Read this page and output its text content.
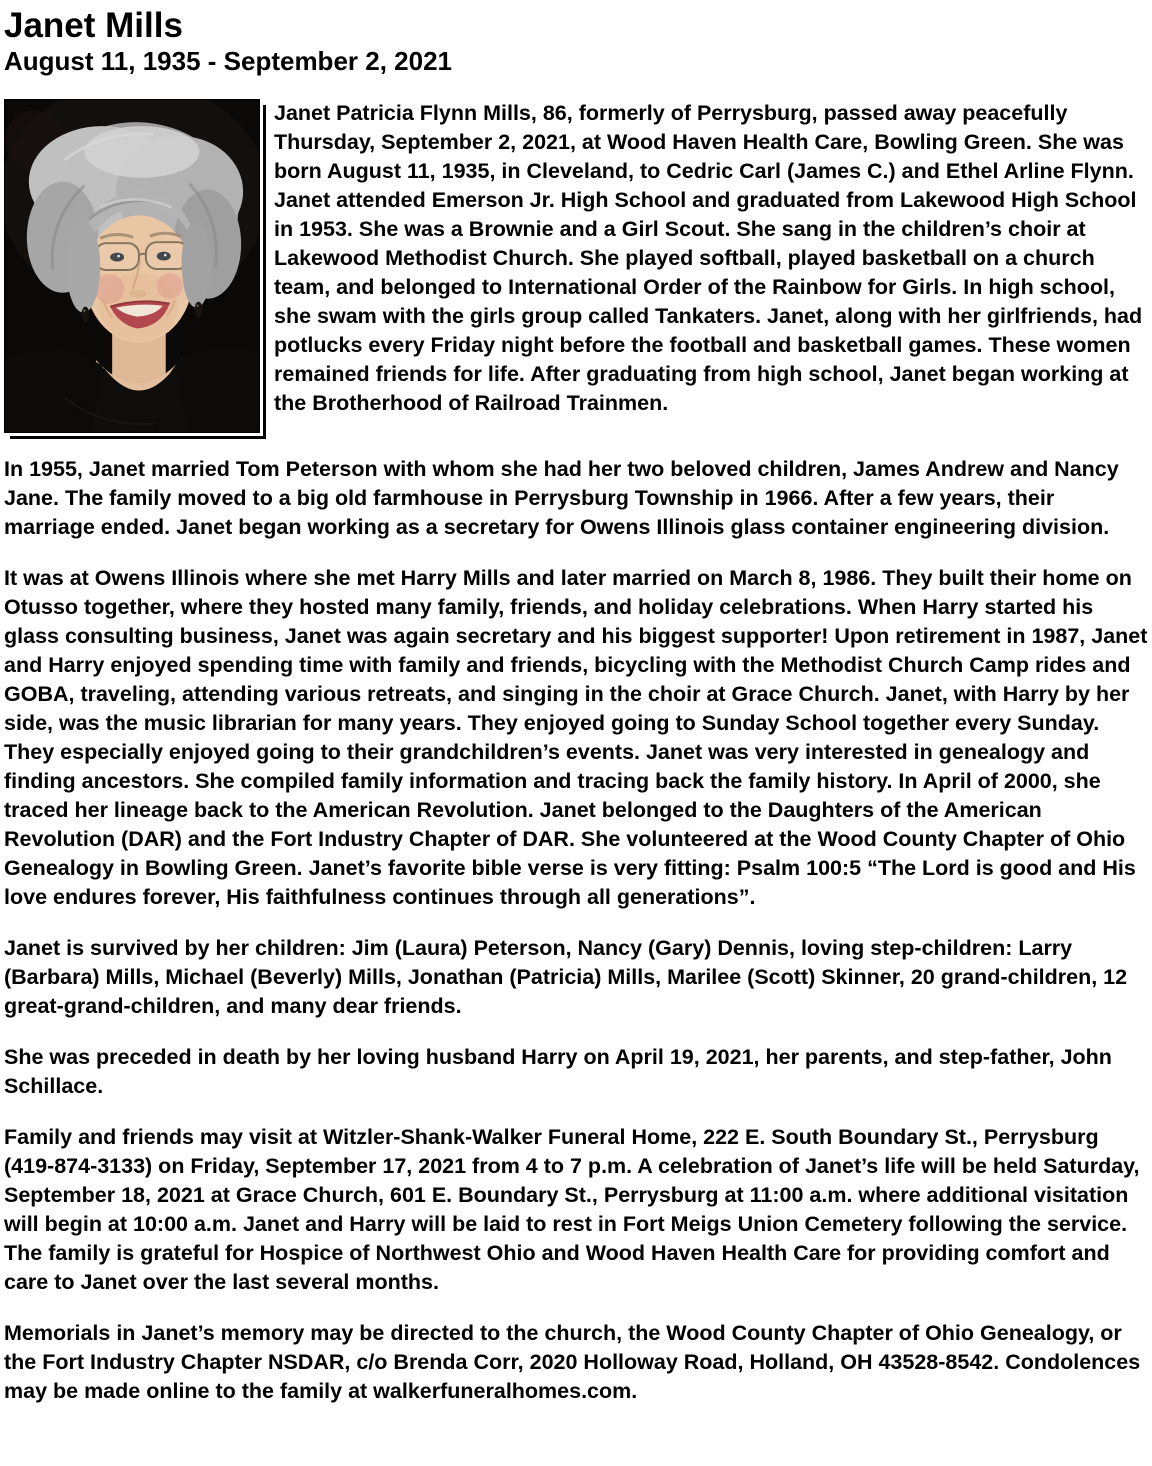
Janet Mills
August 11, 1935 - September 2, 2021

Janet Patricia Flynn Mills, 86, formerly of Perrysburg, passed away peacefully Thursday, September 2, 2021, at Wood Haven Health Care, Bowling Green. She was born August 11, 1935, in Cleveland, to Cedric Carl (James C.) and Ethel Arline Flynn. Janet attended Emerson Jr. High School and graduated from Lakewood High School in 1953. She was a Brownie and a Girl Scout. She sang in the children’s choir at Lakewood Methodist Church. She played softball, played basketball on a church team, and belonged to International Order of the Rainbow for Girls. In high school, she swam with the girls group called Tankaters. Janet, along with her girlfriends, had potlucks every Friday night before the football and basketball games. These women remained friends for life. After graduating from high school, Janet began working at the Brotherhood of Railroad Trainmen.

In 1955, Janet married Tom Peterson with whom she had her two beloved children, James Andrew and Nancy Jane. The family moved to a big old farmhouse in Perrysburg Township in 1966. After a few years, their marriage ended. Janet began working as a secretary for Owens Illinois glass container engineering division.

It was at Owens Illinois where she met Harry Mills and later married on March 8, 1986. They built their home on Otusso together, where they hosted many family, friends, and holiday celebrations. When Harry started his glass consulting business, Janet was again secretary and his biggest supporter! Upon retirement in 1987, Janet and Harry enjoyed spending time with family and friends, bicycling with the Methodist Church Camp rides and GOBA, traveling, attending various retreats, and singing in the choir at Grace Church. Janet, with Harry by her side, was the music librarian for many years. They enjoyed going to Sunday School together every Sunday. They especially enjoyed going to their grandchildren’s events. Janet was very interested in genealogy and finding ancestors. She compiled family information and tracing back the family history. In April of 2000, she traced her lineage back to the American Revolution. Janet belonged to the Daughters of the American Revolution (DAR) and the Fort Industry Chapter of DAR. She volunteered at the Wood County Chapter of Ohio Genealogy in Bowling Green. Janet’s favorite bible verse is very fitting: Psalm 100:5 “The Lord is good and His love endures forever, His faithfulness continues through all generations”.

Janet is survived by her children: Jim (Laura) Peterson, Nancy (Gary) Dennis, loving step-children: Larry (Barbara) Mills, Michael (Beverly) Mills, Jonathan (Patricia) Mills, Marilee (Scott) Skinner, 20 grand-children, 12 great-grand-children, and many dear friends.

She was preceded in death by her loving husband Harry on April 19, 2021, her parents, and step-father, John Schillace.

Family and friends may visit at Witzler-Shank-Walker Funeral Home, 222 E. South Boundary St., Perrysburg (419-874-3133) on Friday, September 17, 2021 from 4 to 7 p.m. A celebration of Janet’s life will be held Saturday, September 18, 2021 at Grace Church, 601 E. Boundary St., Perrysburg at 11:00 a.m. where additional visitation will begin at 10:00 a.m. Janet and Harry will be laid to rest in Fort Meigs Union Cemetery following the service. The family is grateful for Hospice of Northwest Ohio and Wood Haven Health Care for providing comfort and care to Janet over the last several months.

Memorials in Janet’s memory may be directed to the church, the Wood County Chapter of Ohio Genealogy, or the Fort Industry Chapter NSDAR, c/o Brenda Corr, 2020 Holloway Road, Holland, OH 43528-8542. Condolences may be made online to the family at walkerfuneralhomes.com.
